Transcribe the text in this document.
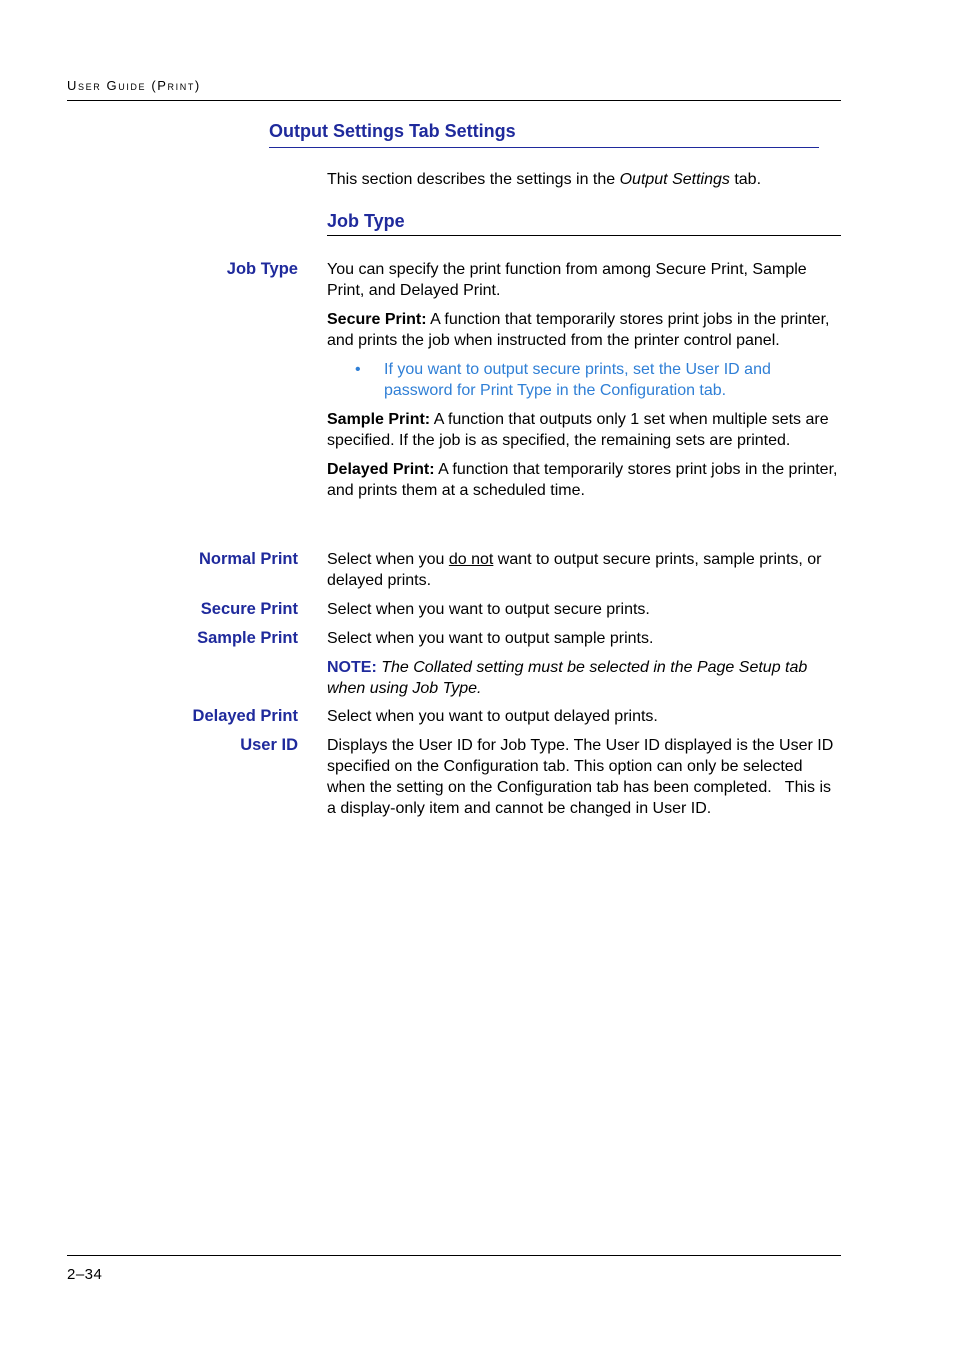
User Guide (Print)
Output Settings Tab Settings
This section describes the settings in the Output Settings tab.
Job Type
Job Type You can specify the print function from among Secure Print, Sample Print, and Delayed Print.

Secure Print: A function that temporarily stores print jobs in the printer, and prints the job when instructed from the printer control panel.

• If you want to output secure prints, set the User ID and password for Print Type in the Configuration tab.

Sample Print: A function that outputs only 1 set when multiple sets are specified. If the job is as specified, the remaining sets are printed.

Delayed Print: A function that temporarily stores print jobs in the printer, and prints them at a scheduled time.

Normal Print Select when you do not want to output secure prints, sample prints, or delayed prints.
Secure Print Select when you want to output secure prints.
Sample Print Select when you want to output sample prints.

NOTE: The Collated setting must be selected in the Page Setup tab when using Job Type.

Delayed Print Select when you want to output delayed prints.
User ID Displays the User ID for Job Type. The User ID displayed is the User ID specified on the Configuration tab. This option can only be selected when the setting on the Configuration tab has been completed.   This is a display-only item and cannot be changed in User ID.
2–34
